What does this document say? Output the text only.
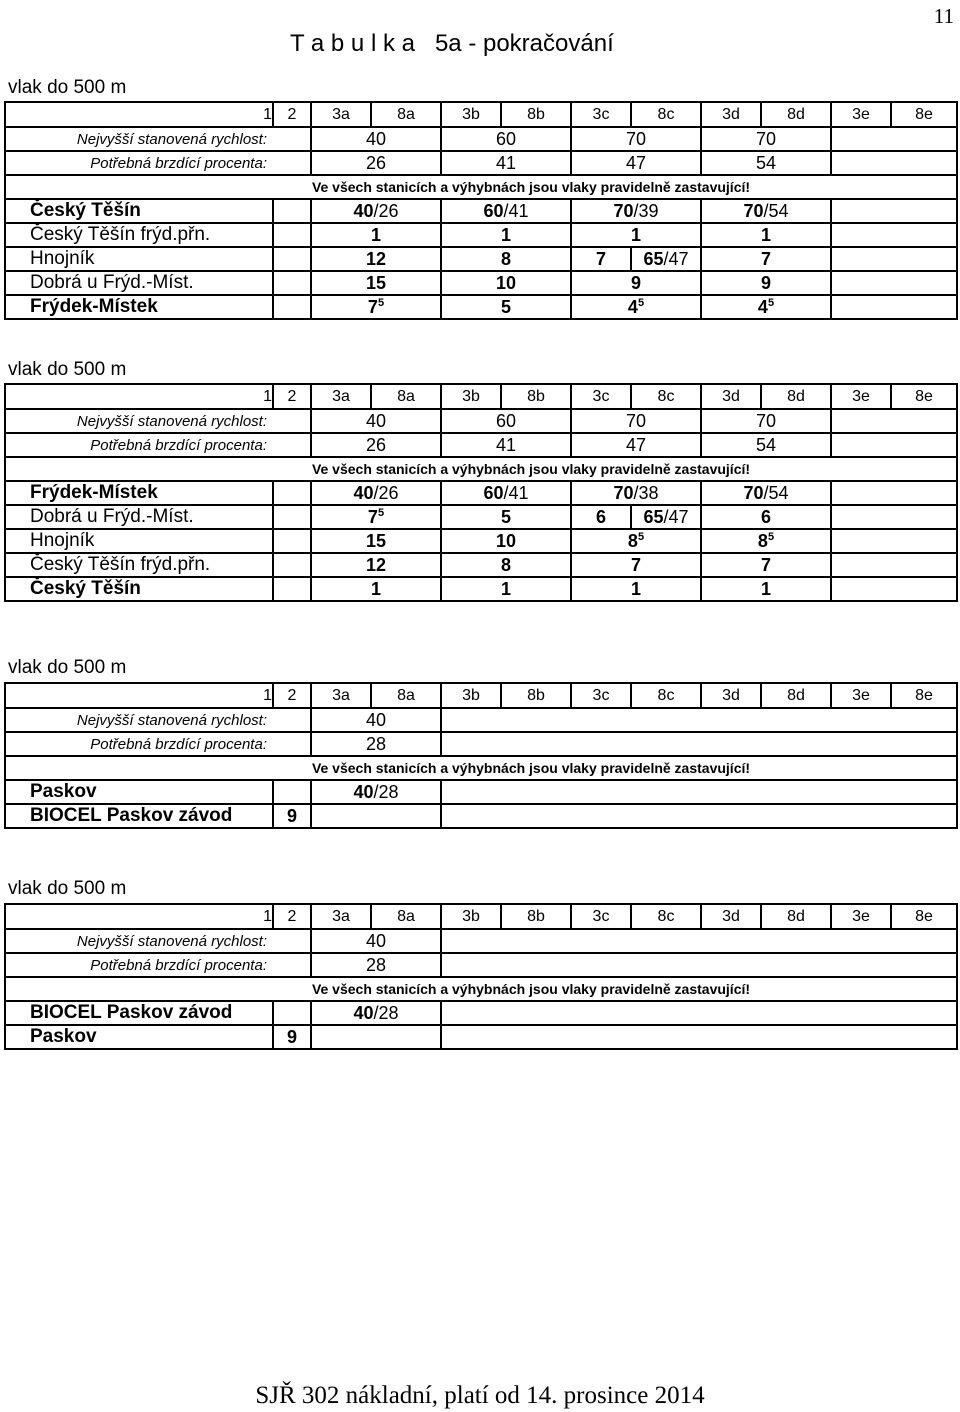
11
T a b u l k a   5a - pokračování
vlak do 500 m
1	2	3a	8a	3b	8b	3c	8c	3d	8d	3e	8e
Nejvyšší stanovená rychlost:		40		60		70		70			
Potřebná brzdící procenta:		26		41		47		54			
Ve všech stanicích a výhybnách jsou vlaky pravidelně zastavující!											
Český Těšín		40/26		60/41		70/39		70/54			
Český Těšín frýd.přn.		1		1		1		1			
Hnojník		12		8		7	65/47	7			
Dobrá u Frýd.-Míst.		15		10		9		9			
Frýdek-Místek		$7^5$		5		$4^5$		$4^5$	
vlak do 500 m
1	2	3a	8a	3b	8b	3c	8c	3d	8d	3e	8e
Nejvyšší stanovená rychlost:		40		60		70		70			
Potřebná brzdící procenta:		26		41		47		54			
Ve všech stanicích a výhybnách jsou vlaky pravidelně zastavující!											
Frýdek-Místek		40/26		60/41		70/38		70/54			
Dobrá u Frýd.-Míst.		$7^5$		5		6	65/47	6			
Hnojník		15		10		$8^5$		$8^5$	
Český Těšín frýd.přn.		12		8		7		7			
Český Těšín		1		1		1		1			
vlak do 500 m
1	2	3a	8a	3b	8b	3c	8c	3d	8d	3e	8e
Nejvyšší stanovená rychlost:		40									
Potřebná brzdící procenta:		28									
Ve všech stanicích a výhybnách jsou vlaky pravidelně zastavující!											
Paskov		40/28									
BIOCEL Paskov závod	9										
vlak do 500 m
1	2	3a	8a	3b	8b	3c	8c	3d	8d	3e	8e
Nejvyšší stanovená rychlost:		40									
Potřebná brzdící procenta:		28									
Ve všech stanicích a výhybnách jsou vlaky pravidelně zastavující!											
BIOCEL Paskov závod		40/28									
Paskov	9										
SJŘ 302 nákladní, platí od 14. prosince 2014
